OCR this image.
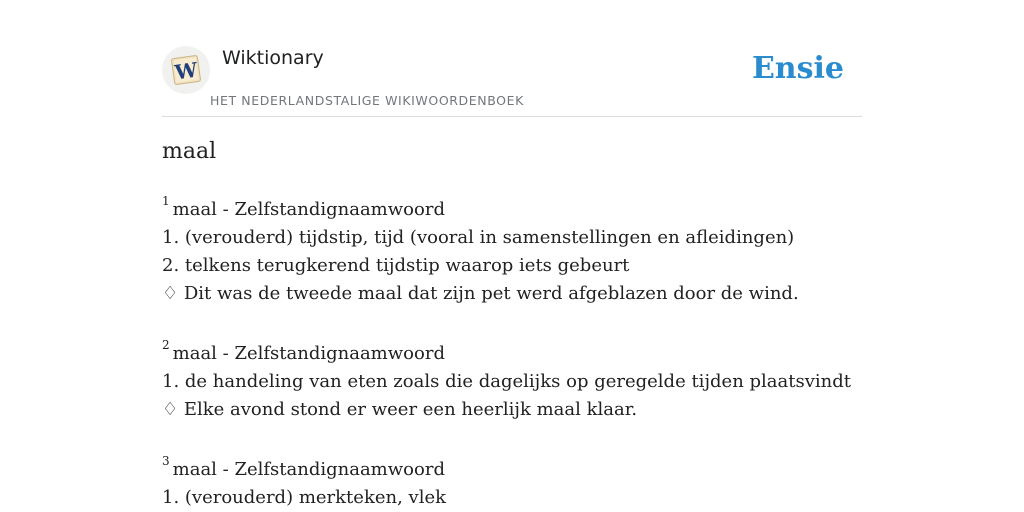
W Wiktionary
HET NEDERLANDSTALIGE WIKIWOORDENBOEK
Ensie
maal
$^1$ maal - Zelfstandignaamwoord
1. (verouderd) tijdstip, tijd (vooral in samenstellingen en afleidingen)
2. telkens terugkerend tijdstip waarop iets gebeurt
♢ Dit was de tweede maal dat zijn pet werd afgeblazen door de wind.
$^2$ maal - Zelfstandignaamwoord
1. de handeling van eten zoals die dagelijks op geregelde tijden plaatsvindt
♢ Elke avond stond er weer een heerlijk maal klaar.
$^3$ maal - Zelfstandignaamwoord
1. (verouderd) merkteken, vlek
